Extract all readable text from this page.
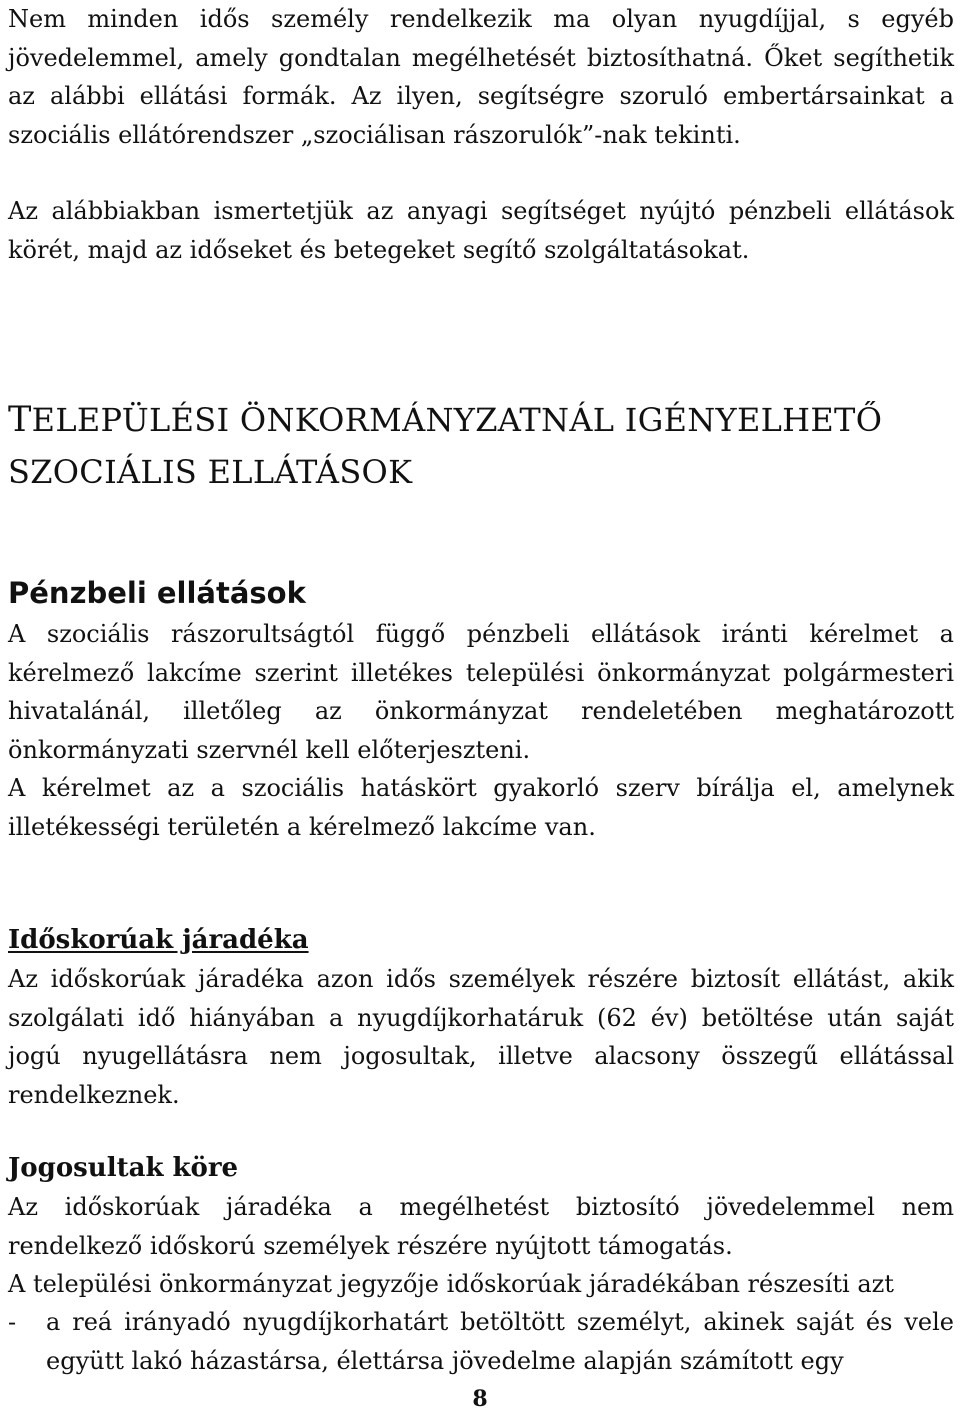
Nem minden idős személy rendelkezik ma olyan nyugdíjjal, s egyéb jövedelemmel, amely gondtalan megélhetését biztosíthatná. Őket segíthetik az alábbi ellátási formák. Az ilyen, segítségre szoruló embertársainkat a szociális ellátórendszer „szociálisan rászorulók”-nak tekinti.

Az alábbiakban ismertetjük az anyagi segítséget nyújtó pénzbeli ellátások körét, majd az időseket és betegeket segítő szolgáltatásokat.

TELEPÜLÉSI ÖNKORMÁNYZATNÁL IGÉNYELHETŐ
SZOCIÁLIS ELLÁTÁSOK
Pénzbeli ellátások

A szociális rászorultságtól függő pénzbeli ellátások iránti kérelmet a kérelmező lakcíme szerint illetékes települési önkormányzat polgármesteri hivatalánál, illetőleg az önkormányzat rendeletében meghatározott önkormányzati szervnél kell előterjeszteni.

A kérelmet az a szociális hatáskört gyakorló szerv bírálja el, amelynek illetékességi területén a kérelmező lakcíme van.

Időskorúak járadéka

Az időskorúak járadéka azon idős személyek részére biztosít ellátást, akik szolgálati idő hiányában a nyugdíjkorhatáruk (62 év) betöltése után saját jogú nyugellátásra nem jogosultak, illetve alacsony összegű ellátással rendelkeznek.

Jogosultak köre

Az időskorúak járadéka a megélhetést biztosító jövedelemmel nem rendelkező időskorú személyek részére nyújtott támogatás.

A települési önkormányzat jegyzője időskorúak járadékában részesíti azt

- a reá irányadó nyugdíjkorhatárt betöltött személyt, akinek saját és vele együtt lakó házastársa, élettársa jövedelme alapján számított egy
8
